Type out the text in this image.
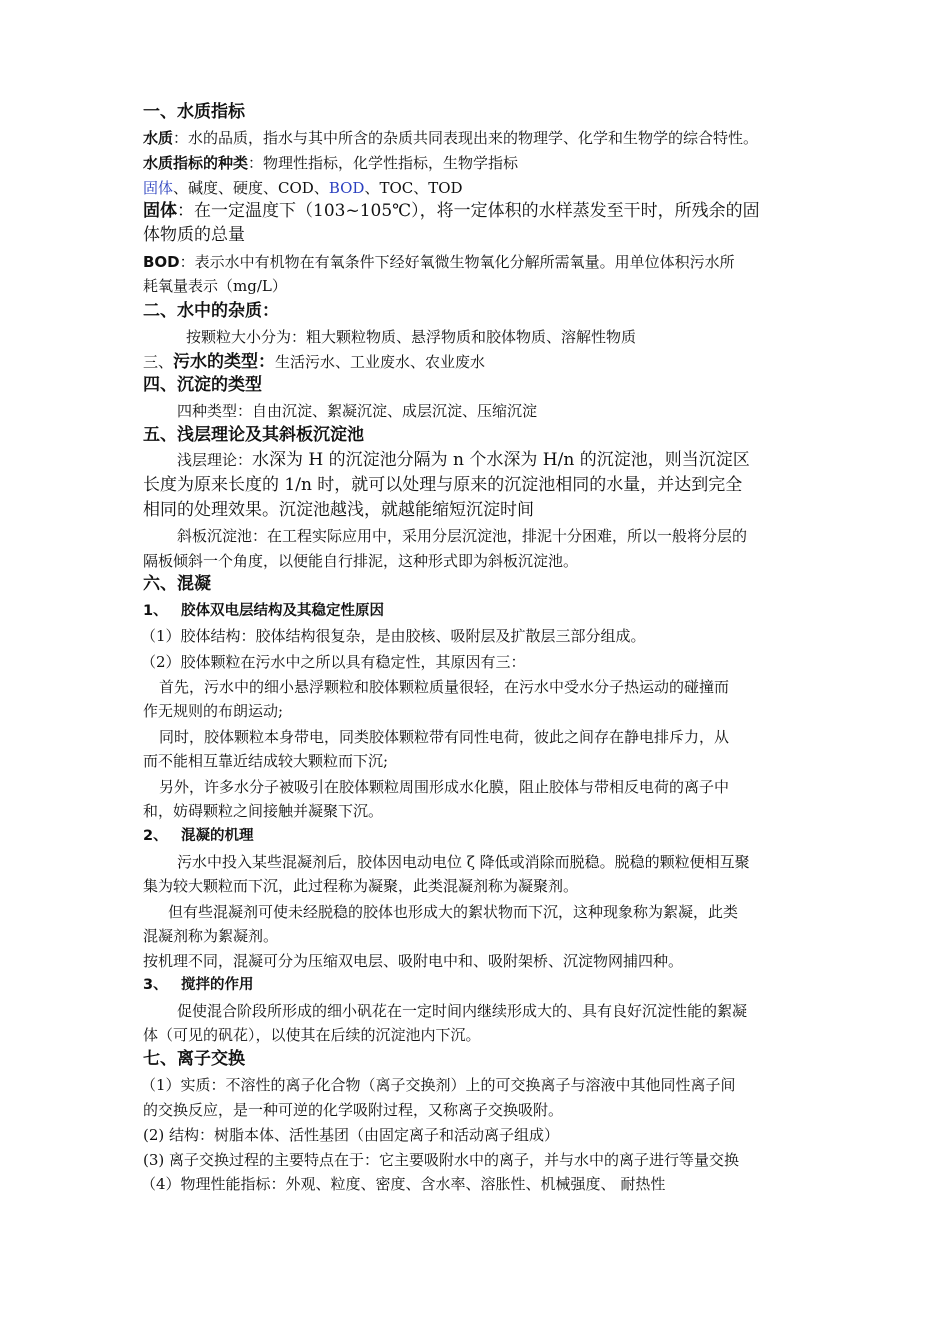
一、水质指标
水质：水的品质，指水与其中所含的杂质共同表现出来的物理学、化学和生物学的综合特性。
水质指标的种类：物理性指标，化学性指标，生物学指标
固体、碱度、硬度、COD、BOD、TOC、TOD
固体：在一定温度下（103~105℃），将一定体积的水样蒸发至干时，所残余的固
体物质的总量
BOD：表示水中有机物在有氧条件下经好氧微生物氧化分解所需氧量。用单位体积污水所
耗氧量表示（mg/L）
二、水中的杂质：
按颗粒大小分为：粗大颗粒物质、悬浮物质和胶体物质、溶解性物质
三、污水的类型：生活污水、工业废水、农业废水
四、沉淀的类型
四种类型：自由沉淀、絮凝沉淀、成层沉淀、压缩沉淀
五、浅层理论及其斜板沉淀池
浅层理论：水深为 H 的沉淀池分隔为 n 个水深为 H/n 的沉淀池，则当沉淀区
长度为原来长度的 1/n 时，就可以处理与原来的沉淀池相同的水量，并达到完全
相同的处理效果。沉淀池越浅，就越能缩短沉淀时间
斜板沉淀池：在工程实际应用中，采用分层沉淀池，排泥十分困难，所以一般将分层的
隔板倾斜一个角度，以便能自行排泥，这种形式即为斜板沉淀池。
六、混凝
1、 胶体双电层结构及其稳定性原因
（1）胶体结构：胶体结构很复杂，是由胶核、吸附层及扩散层三部分组成。
（2）胶体颗粒在污水中之所以具有稳定性，其原因有三：
首先，污水中的细小悬浮颗粒和胶体颗粒质量很轻，在污水中受水分子热运动的碰撞而
作无规则的布朗运动;
同时，胶体颗粒本身带电，同类胶体颗粒带有同性电荷，彼此之间存在静电排斥力，从
而不能相互靠近结成较大颗粒而下沉;
另外，许多水分子被吸引在胶体颗粒周围形成水化膜，阻止胶体与带相反电荷的离子中
和，妨碍颗粒之间接触并凝聚下沉。
2、 混凝的机理
污水中投入某些混凝剂后，胶体因电动电位 ζ 降低或消除而脱稳。脱稳的颗粒便相互聚
集为较大颗粒而下沉，此过程称为凝聚，此类混凝剂称为凝聚剂。
但有些混凝剂可使未经脱稳的胶体也形成大的絮状物而下沉，这种现象称为絮凝，此类
混凝剂称为絮凝剂。
按机理不同，混凝可分为压缩双电层、吸附电中和、吸附架桥、沉淀物网捕四种。
3、 搅拌的作用
促使混合阶段所形成的细小矾花在一定时间内继续形成大的、具有良好沉淀性能的絮凝
体（可见的矾花），以使其在后续的沉淀池内下沉。
七、离子交换
（1）实质：不溶性的离子化合物（离子交换剂）上的可交换离子与溶液中其他同性离子间
的交换反应，是一种可逆的化学吸附过程，又称离子交换吸附。
(2) 结构：树脂本体、活性基团（由固定离子和活动离子组成）
(3) 离子交换过程的主要特点在于：它主要吸附水中的离子，并与水中的离子进行等量交换
（4）物理性能指标：外观、粒度、密度、含水率、溶胀性、机械强度、 耐热性
